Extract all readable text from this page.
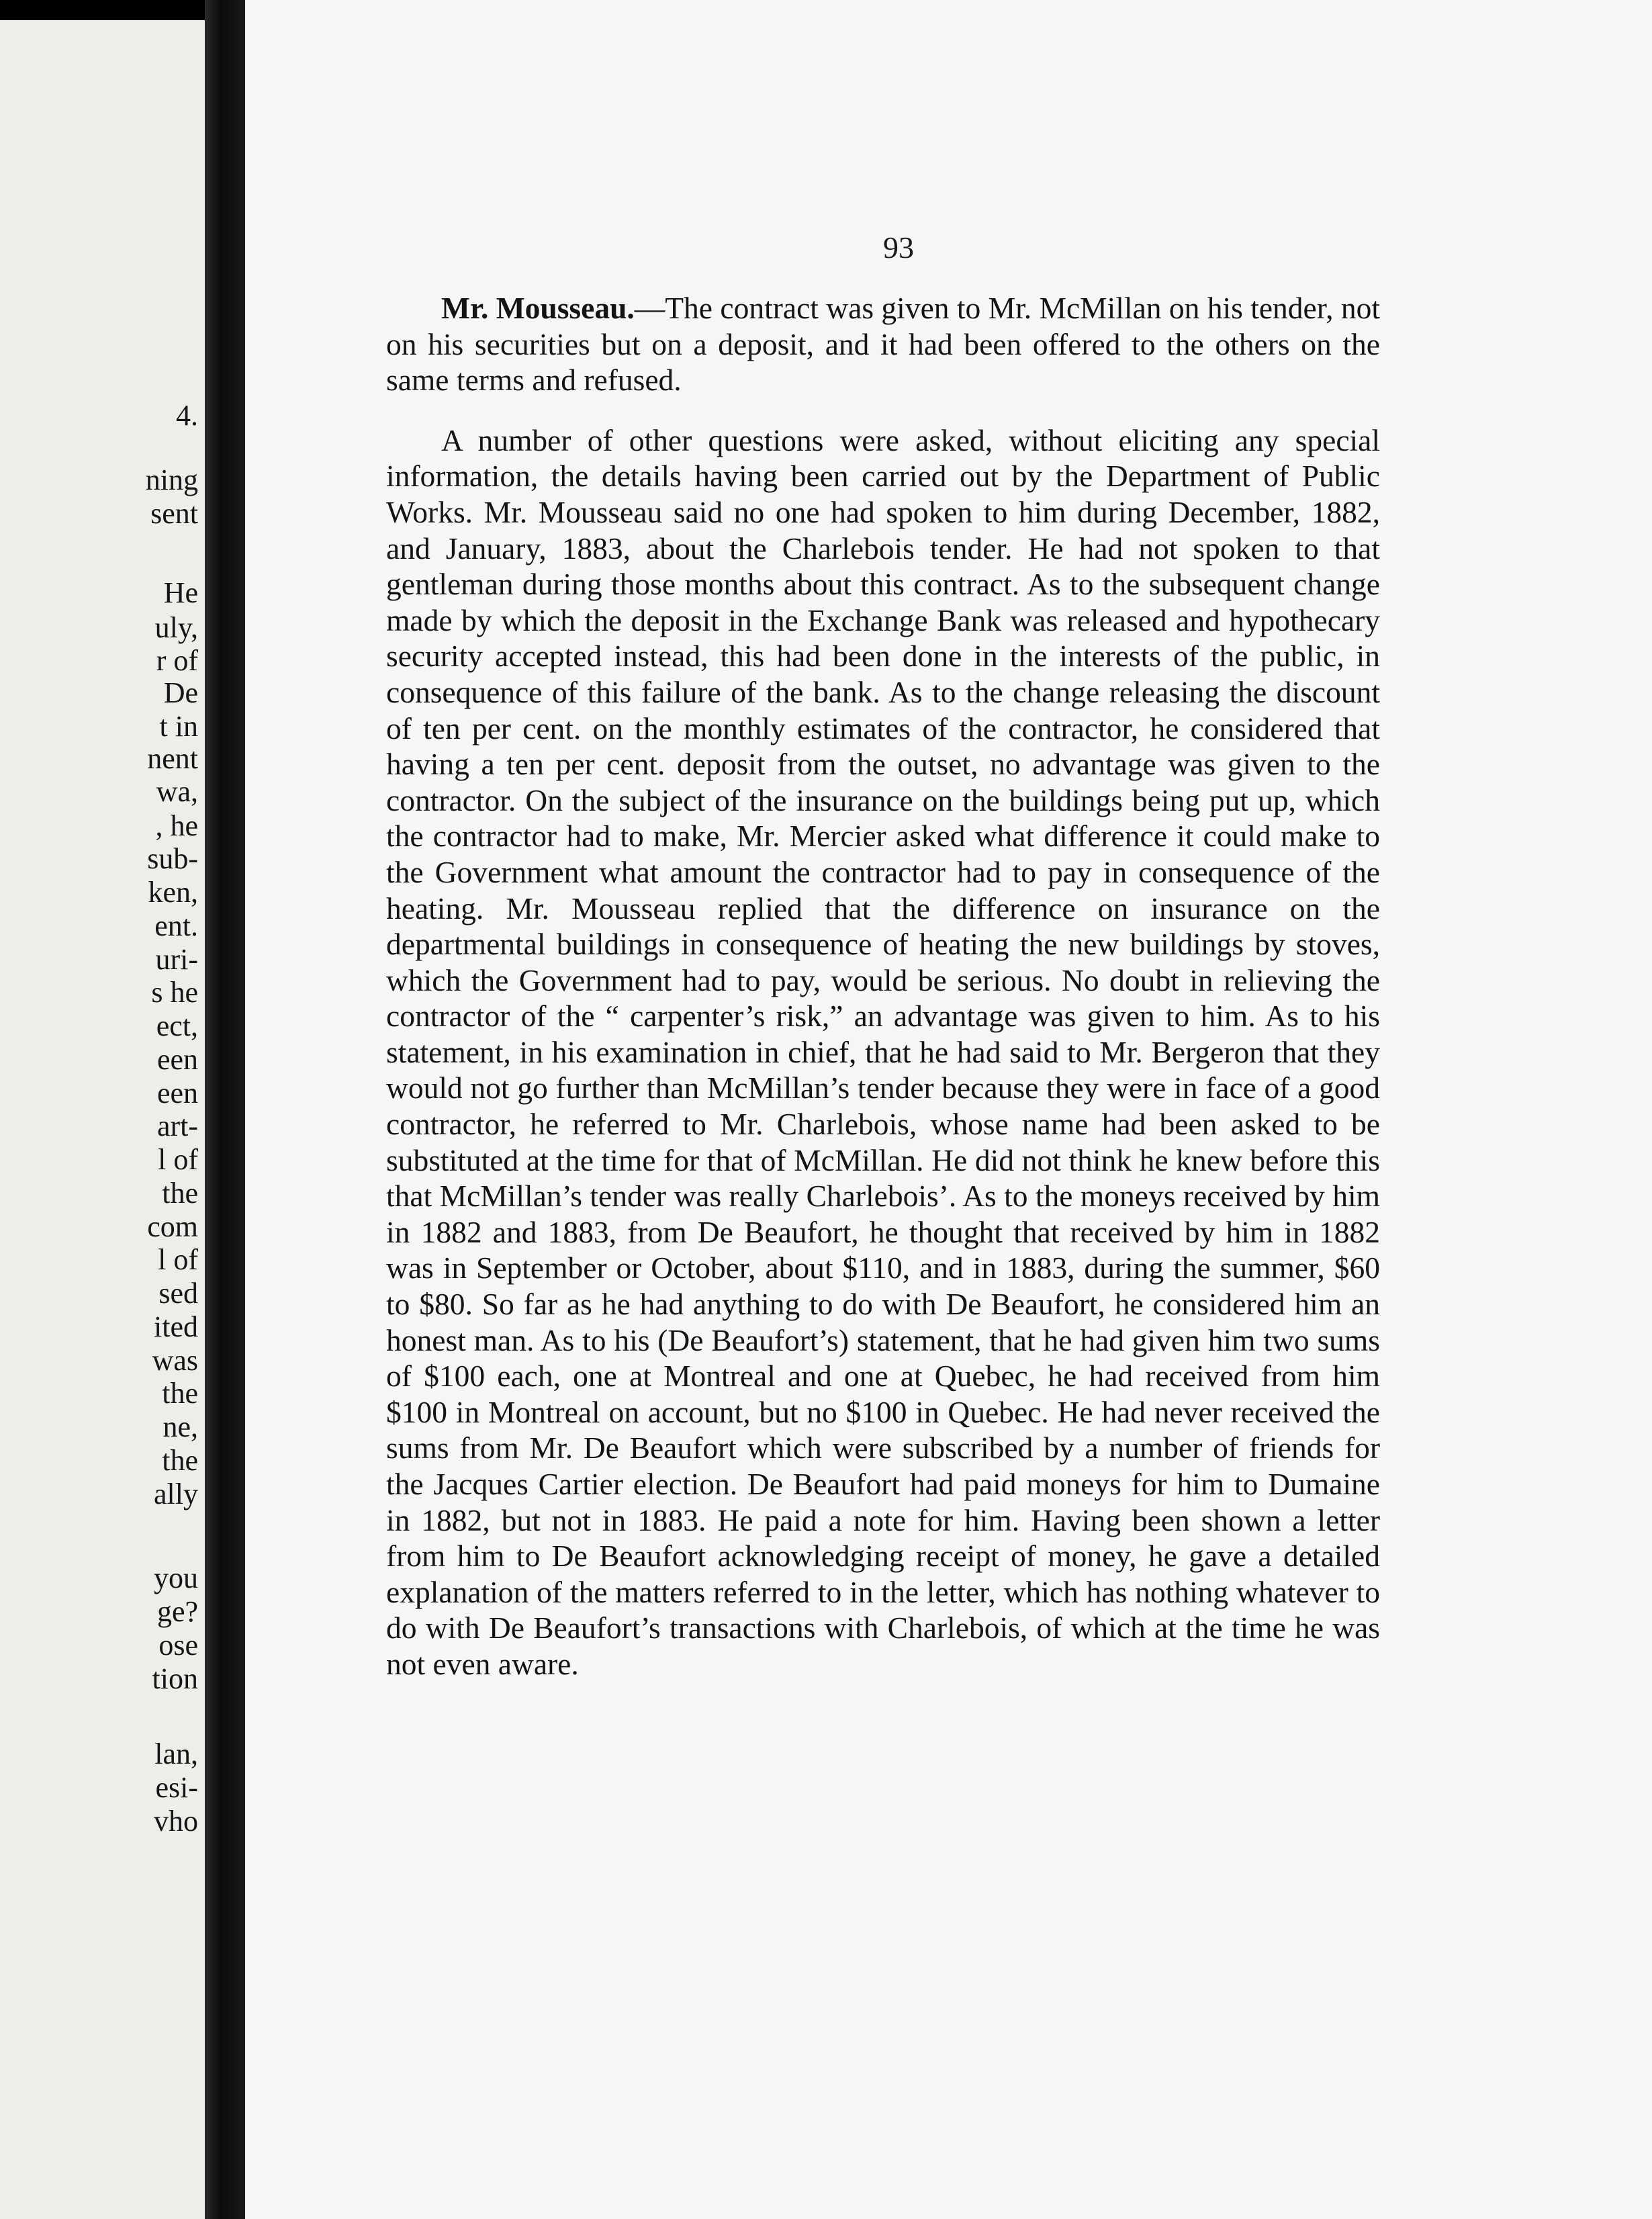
4.
ning
sent
He
uly,
r of
De
t in
nent
wa,
, he
sub-
ken,
ent.
uri-
s he
ect,
een
een
art-
l of
the
com
l of
sed
ited
was
the
ne,
the
ally
you
ge?
ose
tion
lan,
esi-
vho
93

Mr. Mousseau.—The contract was given to Mr. McMillan on his tender, not on his securities but on a deposit, and it had been offered to the others on the same terms and refused.

A number of other questions were asked, without eliciting any special information, the details having been carried out by the Department of Public Works. Mr. Mousseau said no one had spoken to him during December, 1882, and January, 1883, about the Charlebois tender. He had not spoken to that gentleman during those months about this contract. As to the subsequent change made by which the deposit in the Exchange Bank was released and hypothecary security accepted instead, this had been done in the interests of the public, in consequence of this failure of the bank. As to the change releasing the discount of ten per cent. on the monthly estimates of the contractor, he considered that having a ten per cent. deposit from the outset, no advantage was given to the contractor. On the subject of the insurance on the buildings being put up, which the contractor had to make, Mr. Mercier asked what difference it could make to the Government what amount the contractor had to pay in consequence of the heating. Mr. Mousseau replied that the difference on insurance on the departmental buildings in consequence of heating the new buildings by stoves, which the Government had to pay, would be serious. No doubt in relieving the contractor of the “ carpenter’s risk,” an advantage was given to him. As to his statement, in his examination in chief, that he had said to Mr. Bergeron that they would not go further than McMillan’s tender because they were in face of a good contractor, he referred to Mr. Charlebois, whose name had been asked to be substituted at the time for that of McMillan. He did not think he knew before this that McMillan’s tender was really Charlebois’. As to the moneys received by him in 1882 and 1883, from De Beaufort, he thought that received by him in 1882 was in September or October, about $110, and in 1883, during the summer, $60 to $80. So far as he had anything to do with De Beaufort, he considered him an honest man. As to his (De Beaufort’s) statement, that he had given him two sums of $100 each, one at Montreal and one at Quebec, he had received from him $100 in Montreal on account, but no $100 in Quebec. He had never received the sums from Mr. De Beaufort which were subscribed by a number of friends for the Jacques Cartier election. De Beaufort had paid moneys for him to Dumaine in 1882, but not in 1883. He paid a note for him. Having been shown a letter from him to De Beaufort acknowledging receipt of money, he gave a detailed explanation of the matters referred to in the letter, which has nothing whatever to do with De Beaufort’s transactions with Charlebois, of which at the time he was not even aware.
